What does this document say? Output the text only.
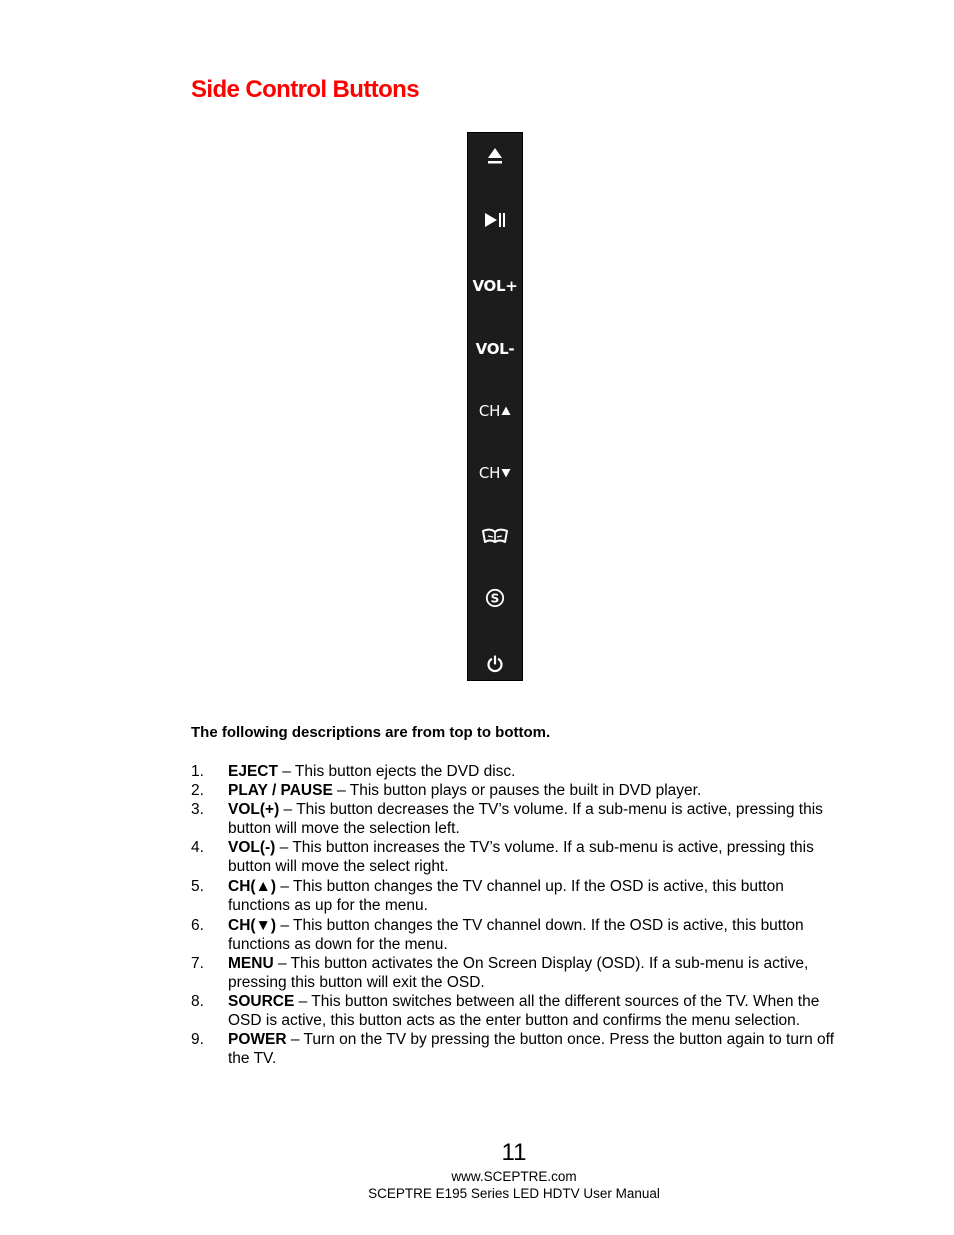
Side Control Buttons
VOL+
VOL-
CH
CH
S

The following descriptions are from top to bottom.

1. EJECT – This button ejects the DVD disc.
2. PLAY / PAUSE – This button plays or pauses the built in DVD player.
3. VOL(+) – This button decreases the TV’s volume. If a sub-menu is active, pressing this button will move the selection left.
4. VOL(-) – This button increases the TV’s volume. If a sub-menu is active, pressing this button will move the select right.
5. CH(▲) – This button changes the TV channel up. If the OSD is active, this button functions as up for the menu.
6. CH(▼) – This button changes the TV channel down. If the OSD is active, this button functions as down for the menu.
7. MENU – This button activates the On Screen Display (OSD). If a sub-menu is active, pressing this button will exit the OSD.
8. SOURCE – This button switches between all the different sources of the TV. When the OSD is active, this button acts as the enter button and confirms the menu selection.
9. POWER – Turn on the TV by pressing the button once. Press the button again to turn off the TV.
11
www.SCEPTRE.com
SCEPTRE E195 Series LED HDTV User Manual
